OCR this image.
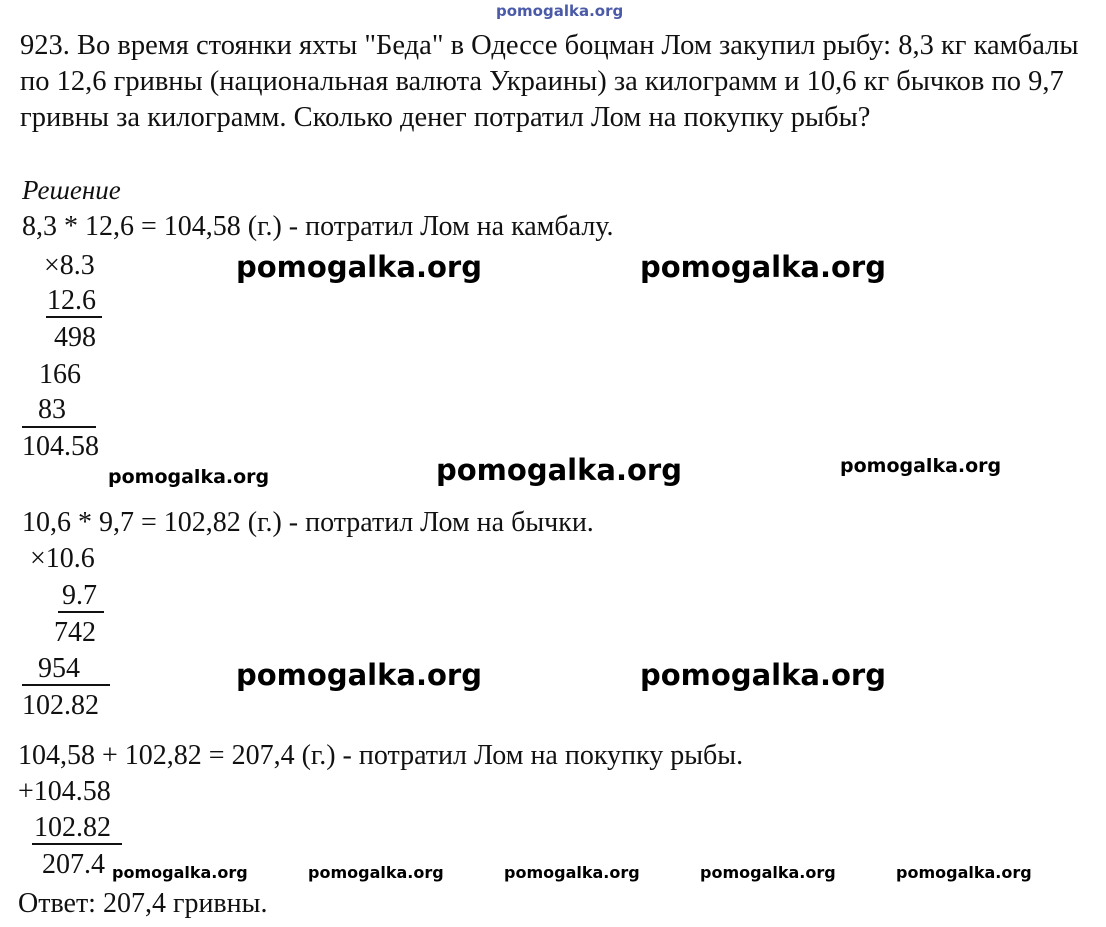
pomogalka.org
923. Во время стоянки яхты "Беда" в Одессе боцман Лом закупил рыбу: 8,3 кг камбалы по 12,6 гривны (национальная валюта Украины) за килограмм и 10,6 кг бычков по 9,7 гривны за килограмм. Сколько денег потратил Лом на покупку рыбы?
Решение
8,3 * 12,6 = 104,58 (г.) - потратил Лом на камбалу.
×8.3
12.6
498
166
83
104.58
pomogalka.org	pomogalka.org
pomogalka.org	pomogalka.org	pomogalka.org
10,6 * 9,7 = 102,82 (г.) - потратил Лом на бычки.
×10.6
9.7
742
954
102.82
pomogalka.org	pomogalka.org
104,58 + 102,82 = 207,4 (г.) - потратил Лом на покупку рыбы.
+104.58
102.82
207.4 pomogalka.org	pomogalka.org	pomogalka.org	pomogalka.org	pomogalka.org
Ответ: 207,4 гривны.
